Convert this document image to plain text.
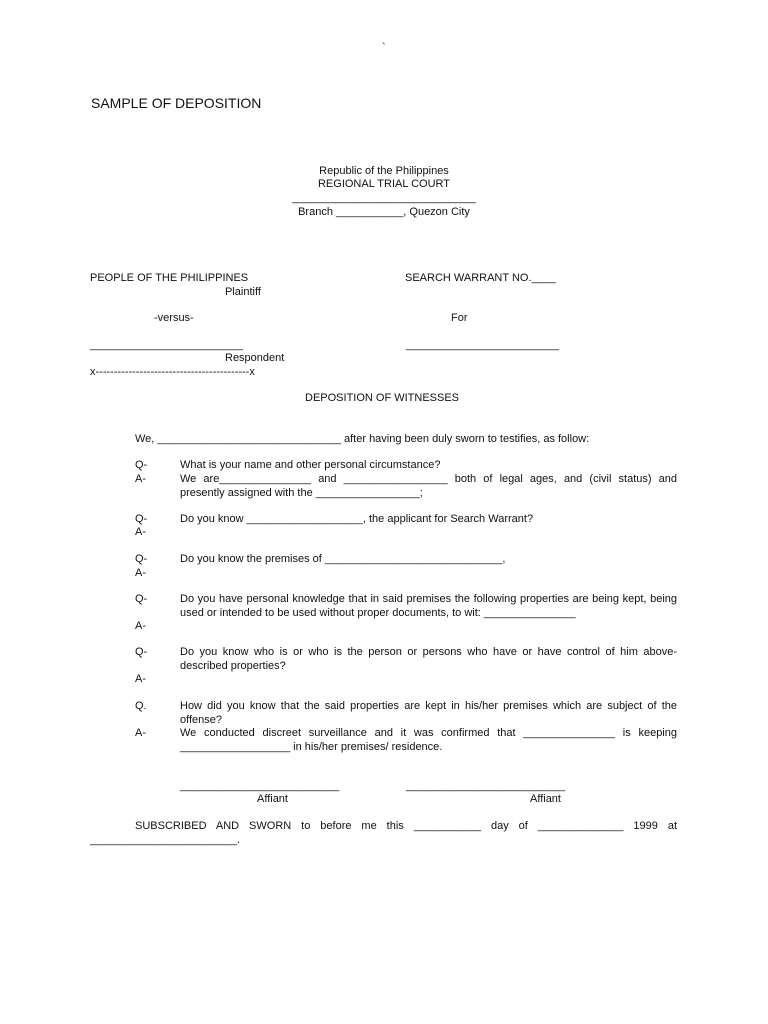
`
SAMPLE OF DEPOSITION
Republic of the Philippines
REGIONAL TRIAL COURT
______________________________
Branch ___________, Quezon City
PEOPLE OF THE PHILIPPINES
Plaintiff
-versus-
_________________________
Respondent
x------------------------------------------x
SEARCH WARRANT NO.____
For
_________________________
DEPOSITION OF WITNESSES
We, ______________________________ after having been duly sworn to testifies, as follow:
Q-	What is your name and other personal circumstance?
A-	We are_______________ and _________________ both of legal ages, and (civil status) and presently assigned with the _________________;
Q-	Do you know ___________________, the applicant for Search Warrant?
A-
Q-	Do you know the premises of _____________________________,
A-
Q-	Do you have personal knowledge that in said premises the following properties are being kept, being used or intended to be used without proper documents, to wit: _______________
A-
Q-	Do you know who is or who is the person or persons who have or have control of him above-described properties?
A-
Q.	How did you know that the said properties are kept in his/her premises which are subject of the offense?
A-	We conducted discreet surveillance and it was confirmed that _______________ is keeping __________________ in his/her premises/ residence.
__________________________
Affiant
__________________________
Affiant
SUBSCRIBED AND SWORN to before me this ___________ day of ______________ 1999 at
________________________.
